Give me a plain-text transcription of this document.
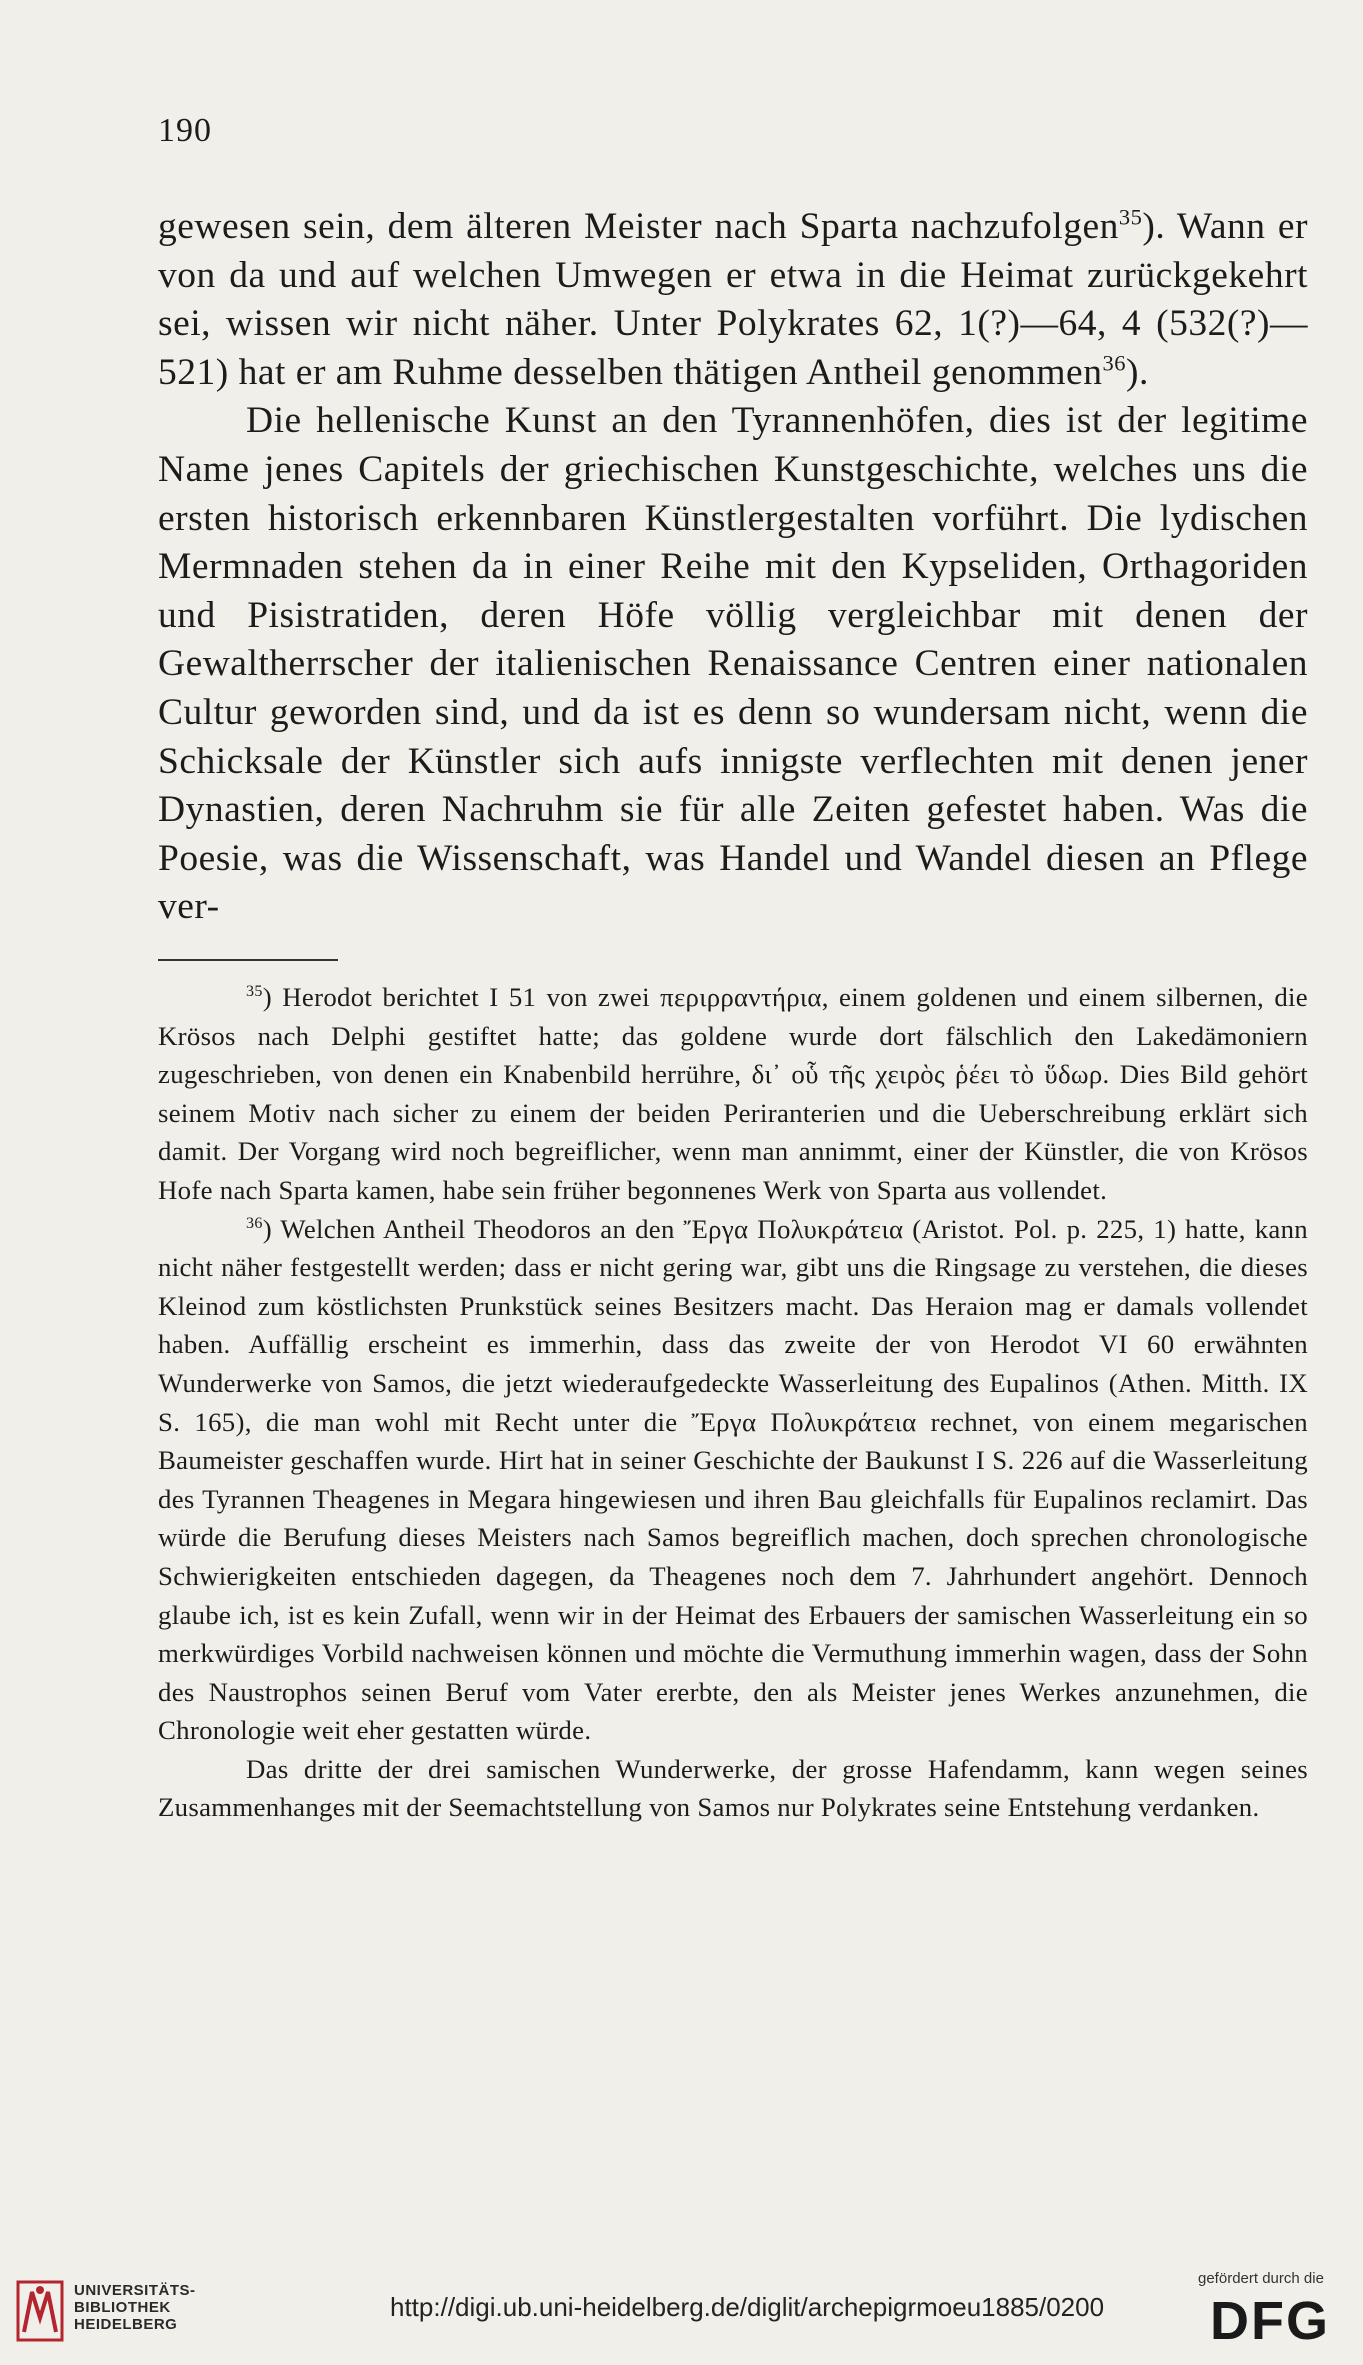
190

gewesen sein, dem älteren Meister nach Sparta nachzufolgen$^{35}$). Wann er von da und auf welchen Umwegen er etwa in die Heimat zurückgekehrt sei, wissen wir nicht näher. Unter Polykrates 62, 1(?)—64, 4 (532(?)—521) hat er am Ruhme desselben thätigen Antheil genommen$^{36}$).

Die hellenische Kunst an den Tyrannenhöfen, dies ist der legitime Name jenes Capitels der griechischen Kunstgeschichte, welches uns die ersten historisch erkennbaren Künstlergestalten vorführt. Die lydischen Mermnaden stehen da in einer Reihe mit den Kypseliden, Orthagoriden und Pisistratiden, deren Höfe völlig vergleichbar mit denen der Gewaltherrscher der italienischen Renaissance Centren einer nationalen Cultur geworden sind, und da ist es denn so wundersam nicht, wenn die Schicksale der Künstler sich aufs innigste verflechten mit denen jener Dynastien, deren Nachruhm sie für alle Zeiten gefestet haben. Was die Poesie, was die Wissenschaft, was Handel und Wandel diesen an Pflege ver-

$^{35}$) Herodot berichtet I 51 von zwei περιρραντήρια, einem goldenen und einem silbernen, die Krösos nach Delphi gestiftet hatte; das goldene wurde dort fälschlich den Lakedämoniern zugeschrieben, von denen ein Knabenbild herrühre, δι᾽ οὗ τῆς χειρὸς ῥέει τὸ ὕδωρ. Dies Bild gehört seinem Motiv nach sicher zu einem der beiden Periranterien und die Ueberschreibung erklärt sich damit. Der Vorgang wird noch begreiflicher, wenn man annimmt, einer der Künstler, die von Krösos Hofe nach Sparta kamen, habe sein früher begonnenes Werk von Sparta aus vollendet.

$^{36}$) Welchen Antheil Theodoros an den Ἔργα Πολυκράτεια (Aristot. Pol. p. 225, 1) hatte, kann nicht näher festgestellt werden; dass er nicht gering war, gibt uns die Ringsage zu verstehen, die dieses Kleinod zum köstlichsten Prunkstück seines Besitzers macht. Das Heraion mag er damals vollendet haben. Auffällig erscheint es immerhin, dass das zweite der von Herodot VI 60 erwähnten Wunderwerke von Samos, die jetzt wiederaufgedeckte Wasserleitung des Eupalinos (Athen. Mitth. IX S. 165), die man wohl mit Recht unter die Ἔργα Πολυκράτεια rechnet, von einem megarischen Baumeister geschaffen wurde. Hirt hat in seiner Geschichte der Baukunst I S. 226 auf die Wasserleitung des Tyrannen Theagenes in Megara hingewiesen und ihren Bau gleichfalls für Eupalinos reclamirt. Das würde die Berufung dieses Meisters nach Samos begreiflich machen, doch sprechen chronologische Schwierigkeiten entschieden dagegen, da Theagenes noch dem 7. Jahrhundert angehört. Dennoch glaube ich, ist es kein Zufall, wenn wir in der Heimat des Erbauers der samischen Wasserleitung ein so merkwürdiges Vorbild nachweisen können und möchte die Vermuthung immerhin wagen, dass der Sohn des Naustrophos seinen Beruf vom Vater ererbte, den als Meister jenes Werkes anzunehmen, die Chronologie weit eher gestatten würde.

Das dritte der drei samischen Wunderwerke, der grosse Hafendamm, kann wegen seines Zusammenhanges mit der Seemachtstellung von Samos nur Polykrates seine Entstehung verdanken.

UNIVERSITÄTS-
BIBLIOTHEK
HEIDELBERG
http://digi.ub.uni-heidelberg.de/diglit/archepigrmoeu1885/0200
gefördert durch die
DFG
